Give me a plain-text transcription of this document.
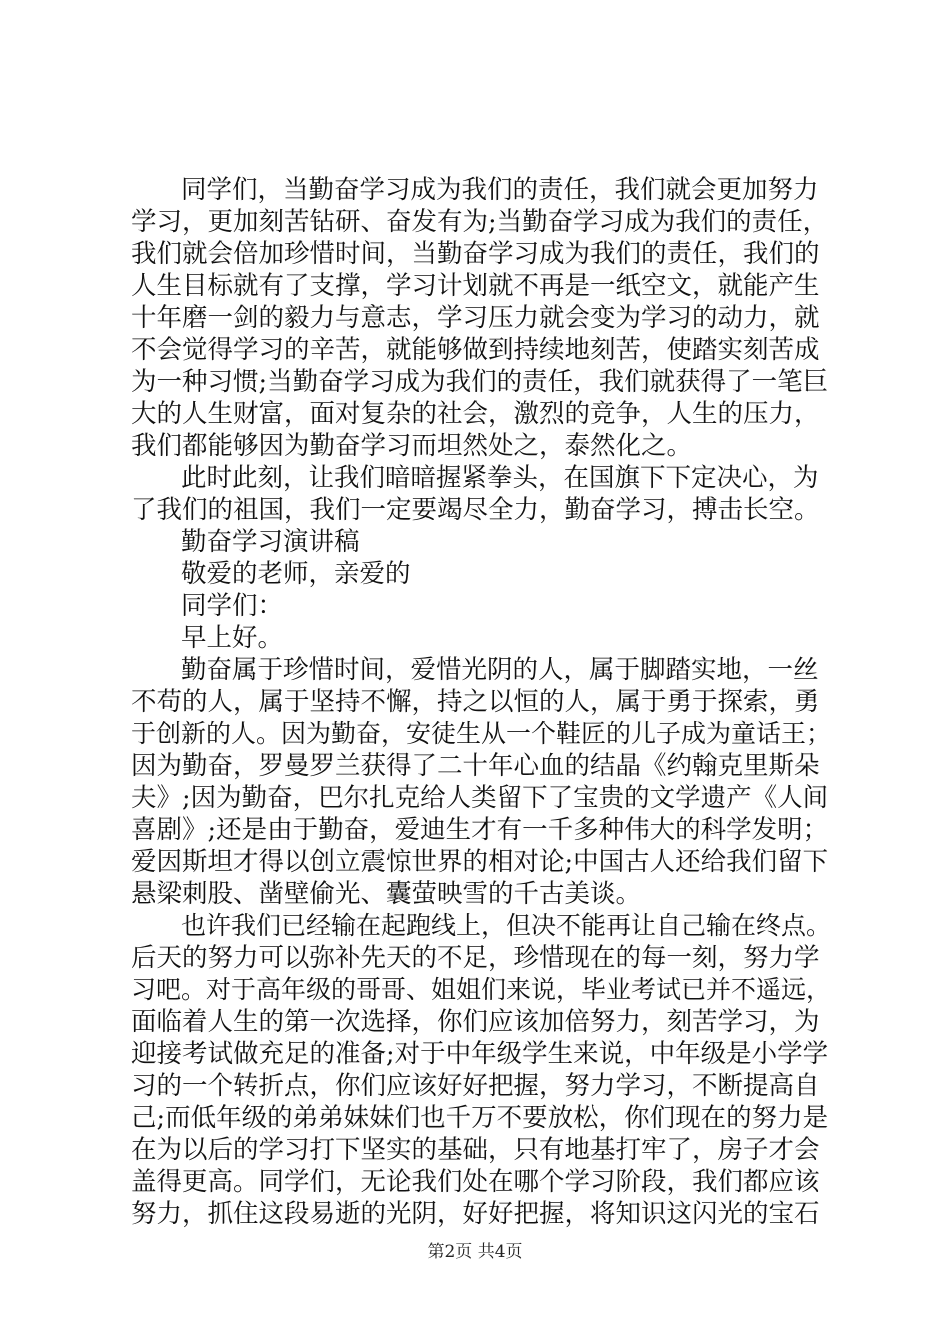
同学们，当勤奋学习成为我们的责任，我们就会更加努力
学习，更加刻苦钻研、奋发有为;当勤奋学习成为我们的责任，
我们就会倍加珍惜时间，当勤奋学习成为我们的责任，我们的
人生目标就有了支撑，学习计划就不再是一纸空文，就能产生
十年磨一剑的毅力与意志，学习压力就会变为学习的动力，就
不会觉得学习的辛苦，就能够做到持续地刻苦，使踏实刻苦成
为一种习惯;当勤奋学习成为我们的责任，我们就获得了一笔巨
大的人生财富，面对复杂的社会，激烈的竞争，人生的压力，
我们都能够因为勤奋学习而坦然处之，泰然化之。
此时此刻，让我们暗暗握紧拳头，在国旗下下定决心，为
了我们的祖国，我们一定要竭尽全力，勤奋学习，搏击长空。
勤奋学习演讲稿
敬爱的老师，亲爱的
同学们：
早上好。
勤奋属于珍惜时间，爱惜光阴的人，属于脚踏实地，一丝
不苟的人，属于坚持不懈，持之以恒的人，属于勇于探索，勇
于创新的人。因为勤奋，安徒生从一个鞋匠的儿子成为童话王；
因为勤奋，罗曼罗兰获得了二十年心血的结晶《约翰克里斯朵
夫》;因为勤奋，巴尔扎克给人类留下了宝贵的文学遗产《人间
喜剧》;还是由于勤奋，爱迪生才有一千多种伟大的科学发明；
爱因斯坦才得以创立震惊世界的相对论;中国古人还给我们留下
悬梁刺股、凿壁偷光、囊萤映雪的千古美谈。
也许我们已经输在起跑线上，但决不能再让自己输在终点。
后天的努力可以弥补先天的不足，珍惜现在的每一刻，努力学
习吧。对于高年级的哥哥、姐姐们来说，毕业考试已并不遥远，
面临着人生的第一次选择，你们应该加倍努力，刻苦学习，为
迎接考试做充足的准备;对于中年级学生来说，中年级是小学学
习的一个转折点，你们应该好好把握，努力学习，不断提高自
己;而低年级的弟弟妹妹们也千万不要放松，你们现在的努力是
在为以后的学习打下坚实的基础，只有地基打牢了，房子才会
盖得更高。同学们，无论我们处在哪个学习阶段，我们都应该
努力，抓住这段易逝的光阴，好好把握，将知识这闪光的宝石
第2页 共4页
